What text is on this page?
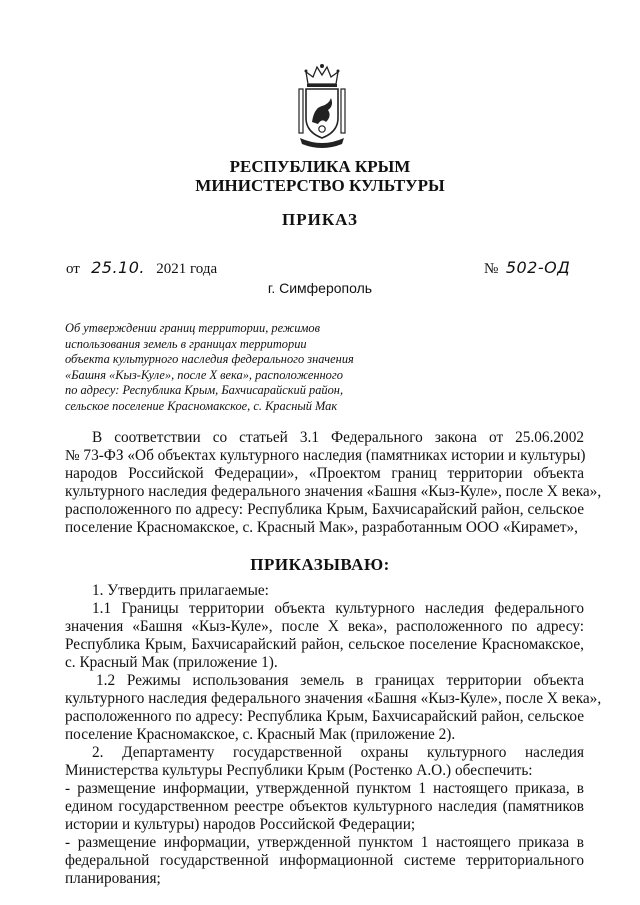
РЕСПУБЛИКА КРЫМ
МИНИСТЕРСТВО КУЛЬТУРЫ
ПРИКАЗ
от 25.10. 2021 года	№ 502-ОД
г. Симферополь
Об утверждении границ территории, режимов
использования земель в границах территории
объекта культурного наследия федерального значения
«Башня «Кыз-Куле», после X века», расположенного
по адресу: Республика Крым, Бахчисарайский район,
сельское поселение Красномакское, с. Красный Мак
В соответствии со статьей 3.1 Федерального закона от 25.06.2002
№ 73-ФЗ «Об объектах культурного наследия (памятниках истории и культуры)
народов Российской Федерации», «Проектом границ территории объекта
культурного наследия федерального значения «Башня «Кыз-Куле», после X века»,
расположенного по адресу: Республика Крым, Бахчисарайский район, сельское
поселение Красномакское, с. Красный Мак», разработанным ООО «Кирамет»,
ПРИКАЗЫВАЮ:
1. Утвердить прилагаемые:
1.1 Границы территории объекта культурного наследия федерального
значения «Башня «Кыз-Куле», после X века», расположенного по адресу:
Республика Крым, Бахчисарайский район, сельское поселение Красномакское,
с. Красный Мак (приложение 1).
1.2 Режимы использования земель в границах территории объекта
культурного наследия федерального значения «Башня «Кыз-Куле», после X века»,
расположенного по адресу: Республика Крым, Бахчисарайский район, сельское
поселение Красномакское, с. Красный Мак (приложение 2).
2. Департаменту государственной охраны культурного наследия
Министерства культуры Республики Крым (Ростенко А.О.) обеспечить:
- размещение информации, утвержденной пунктом 1 настоящего приказа, в
едином государственном реестре объектов культурного наследия (памятников
истории и культуры) народов Российской Федерации;
- размещение информации, утвержденной пунктом 1 настоящего приказа в
федеральной государственной информационной системе территориального
планирования;
